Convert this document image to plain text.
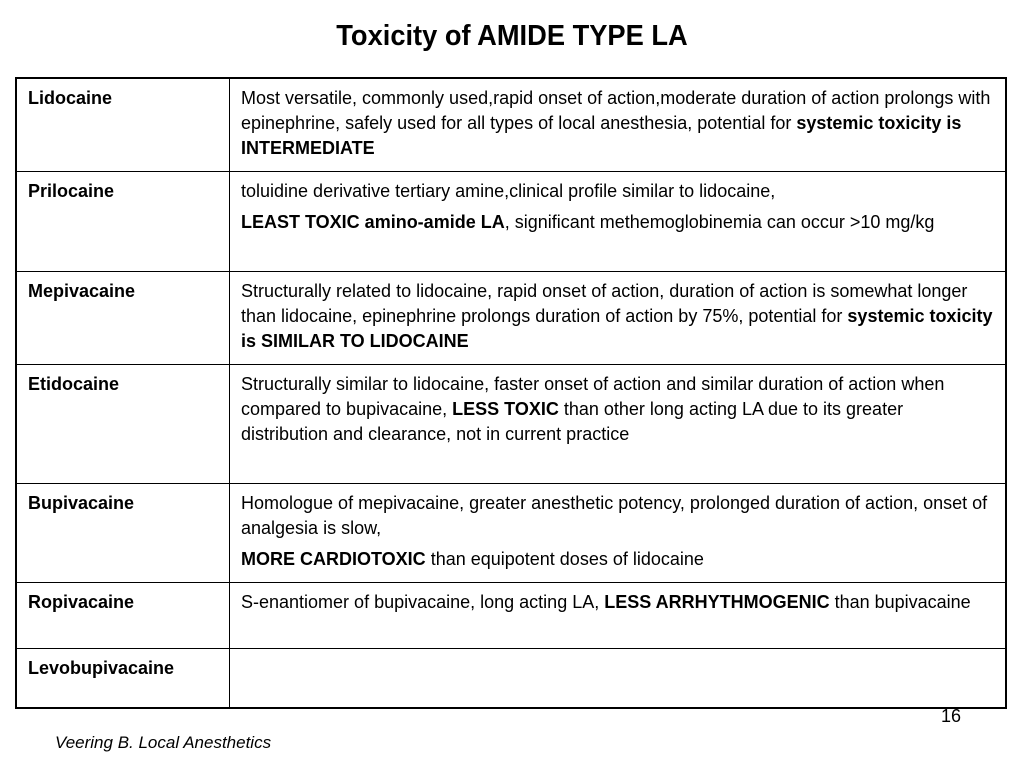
Toxicity of AMIDE TYPE LA
Lidocaine	Most versatile, commonly used,rapid onset of action,moderate duration of action prolongs with epinephrine, safely used for all types of local anesthesia, potential for systemic toxicity is INTERMEDIATE
Prilocaine	toluidine derivative tertiary amine,clinical profile similar to lidocaine,

LEAST TOXIC amino-amide LA, significant methemoglobinemia can occur >10 mg/kg

Mepivacaine	Structurally related to lidocaine, rapid onset of action, duration of action is somewhat longer than lidocaine, epinephrine prolongs duration of action by 75%, potential for systemic toxicity is SIMILAR TO LIDOCAINE
Etidocaine	Structurally similar to lidocaine, faster onset of action and similar duration of action when compared to bupivacaine, LESS TOXIC than other long acting LA due to its greater distribution and clearance, not in current practice
Bupivacaine	Homologue of mepivacaine, greater anesthetic potency, prolonged duration of action, onset of analgesia is slow,

MORE CARDIOTOXIC than equipotent doses of lidocaine

Ropivacaine	S-enantiomer of bupivacaine, long acting LA, LESS ARRHYTHMOGENIC than bupivacaine
Levobupivacaine	
16
Veering B. Local Anesthetics
